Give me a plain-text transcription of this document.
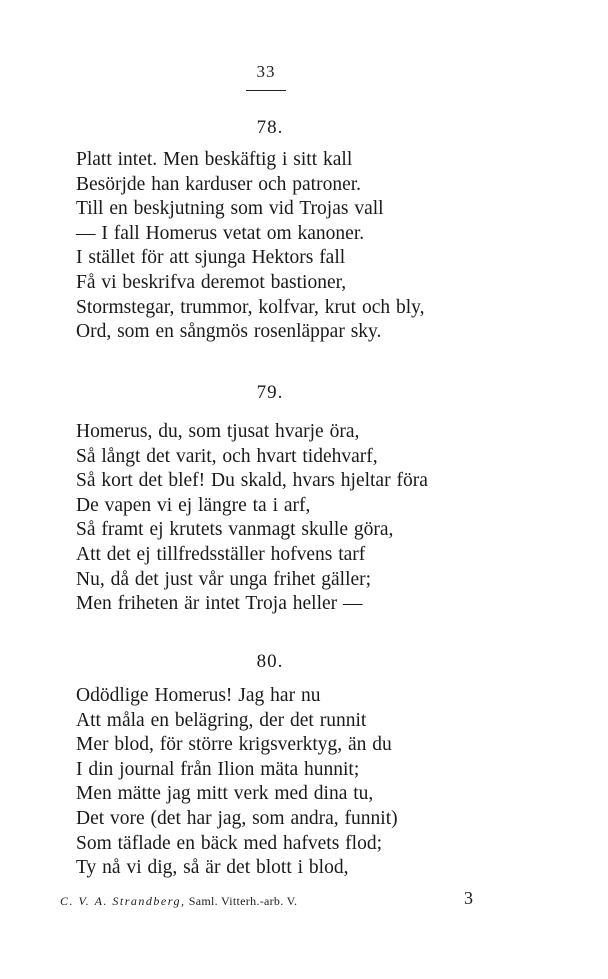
33
78.
Platt intet. Men beskäftig i sitt kall
Besörjde han karduser och patroner.
Till en beskjutning som vid Trojas vall
— I fall Homerus vetat om kanoner.
I stället för att sjunga Hektors fall
Få vi beskrifva deremot bastioner,
Stormstegar, trummor, kolfvar, krut och bly,
Ord, som en sångmös rosenläppar sky.
79.
Homerus, du, som tjusat hvarje öra,
Så långt det varit, och hvart tidehvarf,
Så kort det blef! Du skald, hvars hjeltar föra
De vapen vi ej längre ta i arf,
Så framt ej krutets vanmagt skulle göra,
Att det ej tillfredsställer hofvens tarf
Nu, då det just vår unga frihet gäller;
Men friheten är intet Troja heller —
80.
Odödlige Homerus! Jag har nu
Att måla en belägring, der det runnit
Mer blod, för större krigsverktyg, än du
I din journal från Ilion mäta hunnit;
Men mätte jag mitt verk med dina tu,
Det vore (det har jag, som andra, funnit)
Som täflade en bäck med hafvets flod;
Ty nå vi dig, så är det blott i blod,
C. V. A. Strandberg, Saml. Vitterh.-arb. V.	3
